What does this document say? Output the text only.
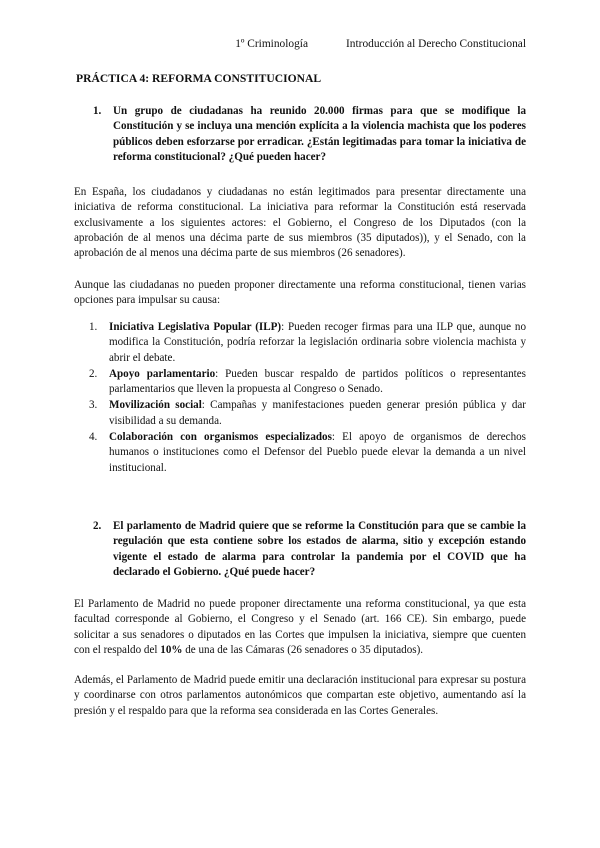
1º Criminología	Introducción al Derecho Constitucional
PRÁCTICA 4: REFORMA CONSTITUCIONAL
1. Un grupo de ciudadanas ha reunido 20.000 firmas para que se modifique la Constitución y se incluya una mención explícita a la violencia machista que los poderes públicos deben esforzarse por erradicar. ¿Están legitimadas para tomar la iniciativa de reforma constitucional? ¿Qué pueden hacer?
En España, los ciudadanos y ciudadanas no están legitimados para presentar directamente una iniciativa de reforma constitucional. La iniciativa para reformar la Constitución está reservada exclusivamente a los siguientes actores: el Gobierno, el Congreso de los Diputados (con la aprobación de al menos una décima parte de sus miembros (35 diputados)), y el Senado, con la aprobación de al menos una décima parte de sus miembros (26 senadores).
Aunque las ciudadanas no pueden proponer directamente una reforma constitucional, tienen varias opciones para impulsar su causa:
1. Iniciativa Legislativa Popular (ILP): Pueden recoger firmas para una ILP que, aunque no modifica la Constitución, podría reforzar la legislación ordinaria sobre violencia machista y abrir el debate.
2. Apoyo parlamentario: Pueden buscar respaldo de partidos políticos o representantes parlamentarios que lleven la propuesta al Congreso o Senado.
3. Movilización social: Campañas y manifestaciones pueden generar presión pública y dar visibilidad a su demanda.
4. Colaboración con organismos especializados: El apoyo de organismos de derechos humanos o instituciones como el Defensor del Pueblo puede elevar la demanda a un nivel institucional.
2. El parlamento de Madrid quiere que se reforme la Constitución para que se cambie la regulación que esta contiene sobre los estados de alarma, sitio y excepción estando vigente el estado de alarma para controlar la pandemia por el COVID que ha declarado el Gobierno. ¿Qué puede hacer?
El Parlamento de Madrid no puede proponer directamente una reforma constitucional, ya que esta facultad corresponde al Gobierno, el Congreso y el Senado (art. 166 CE). Sin embargo, puede solicitar a sus senadores o diputados en las Cortes que impulsen la iniciativa, siempre que cuenten con el respaldo del 10% de una de las Cámaras (26 senadores o 35 diputados).
Además, el Parlamento de Madrid puede emitir una declaración institucional para expresar su postura y coordinarse con otros parlamentos autonómicos que compartan este objetivo, aumentando así la presión y el respaldo para que la reforma sea considerada en las Cortes Generales.
